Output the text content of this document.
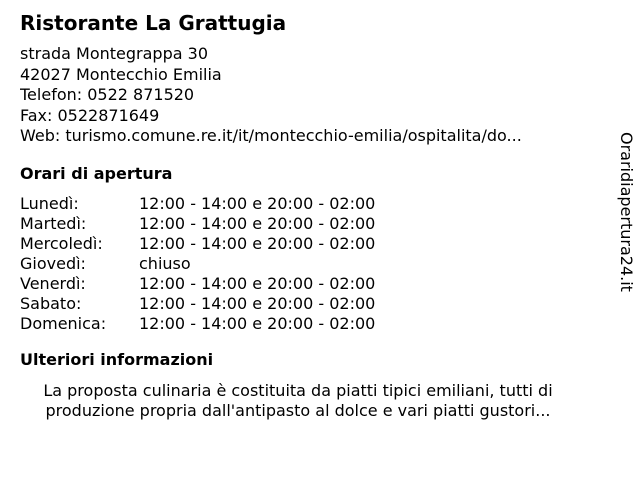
Ristorante La Grattugia
strada Montegrappa 30
42027 Montecchio Emilia
Telefon: 0522 871520
Fax: 0522871649
Web: turismo.comune.re.it/it/montecchio-emilia/ospitalita/do...
Orari di apertura
Lunedì:	12:00 - 14:00 e 20:00 - 02:00
Martedì:	12:00 - 14:00 e 20:00 - 02:00
Mercoledì:	12:00 - 14:00 e 20:00 - 02:00
Giovedì:	chiuso
Venerdì:	12:00 - 14:00 e 20:00 - 02:00
Sabato:	12:00 - 14:00 e 20:00 - 02:00
Domenica:	12:00 - 14:00 e 20:00 - 02:00
Ulteriori informazioni
La proposta culinaria è costituita da piatti tipici emiliani, tutti di
produzione propria dall'antipasto al dolce e vari piatti gustori...
Oraridiapertura24.it
